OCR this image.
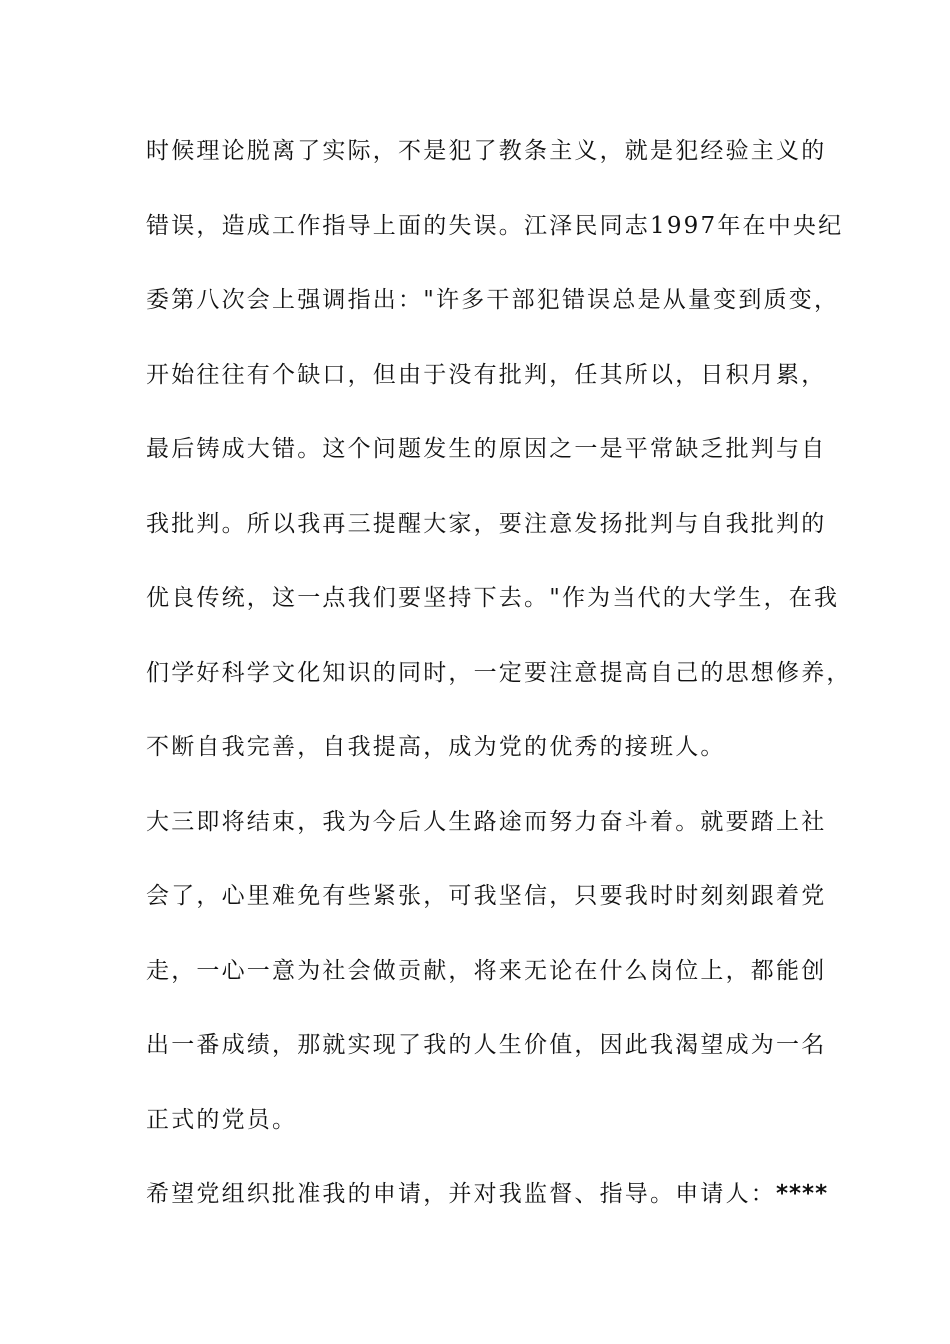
时候理论脱离了实际，不是犯了教条主义，就是犯经验主义的
错误，造成工作指导上面的失误。江泽民同志1997年在中央纪
委第八次会上强调指出："许多干部犯错误总是从量变到质变，
开始往往有个缺口，但由于没有批判，任其所以，日积月累，
最后铸成大错。这个问题发生的原因之一是平常缺乏批判与自
我批判。所以我再三提醒大家，要注意发扬批判与自我批判的
优良传统，这一点我们要坚持下去。"作为当代的大学生，在我
们学好科学文化知识的同时，一定要注意提高自己的思想修养，
不断自我完善，自我提高，成为党的优秀的接班人。
大三即将结束，我为今后人生路途而努力奋斗着。就要踏上社
会了，心里难免有些紧张，可我坚信，只要我时时刻刻跟着党
走，一心一意为社会做贡献，将来无论在什么岗位上，都能创
出一番成绩，那就实现了我的人生价值，因此我渴望成为一名
正式的党员。
希望党组织批准我的申请，并对我监督、指导。申请人：****
